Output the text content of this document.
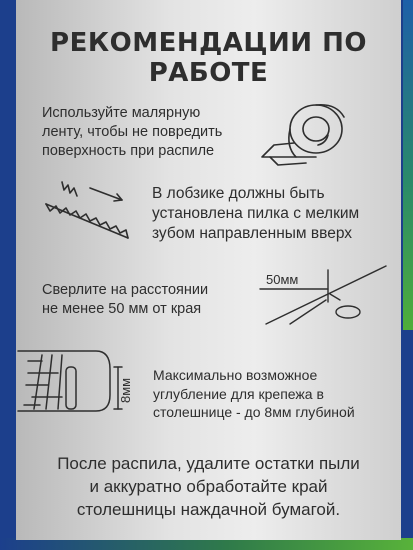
РЕКОМЕНДАЦИИ ПО
РАБОТЕ
Используйте малярную
ленту, чтобы не повредить
поверхность при распиле
В лобзике должны быть
установлена пилка с мелким
зубом направленным вверх
Сверлите на расстоянии
не менее 50 мм от края
50мм
8мм
Максимально возможное
углубление для крепежа в
столешнице - до 8мм глубиной
После распила, удалите остатки пыли
и аккуратно обработайте край
столешницы наждачной бумагой.
